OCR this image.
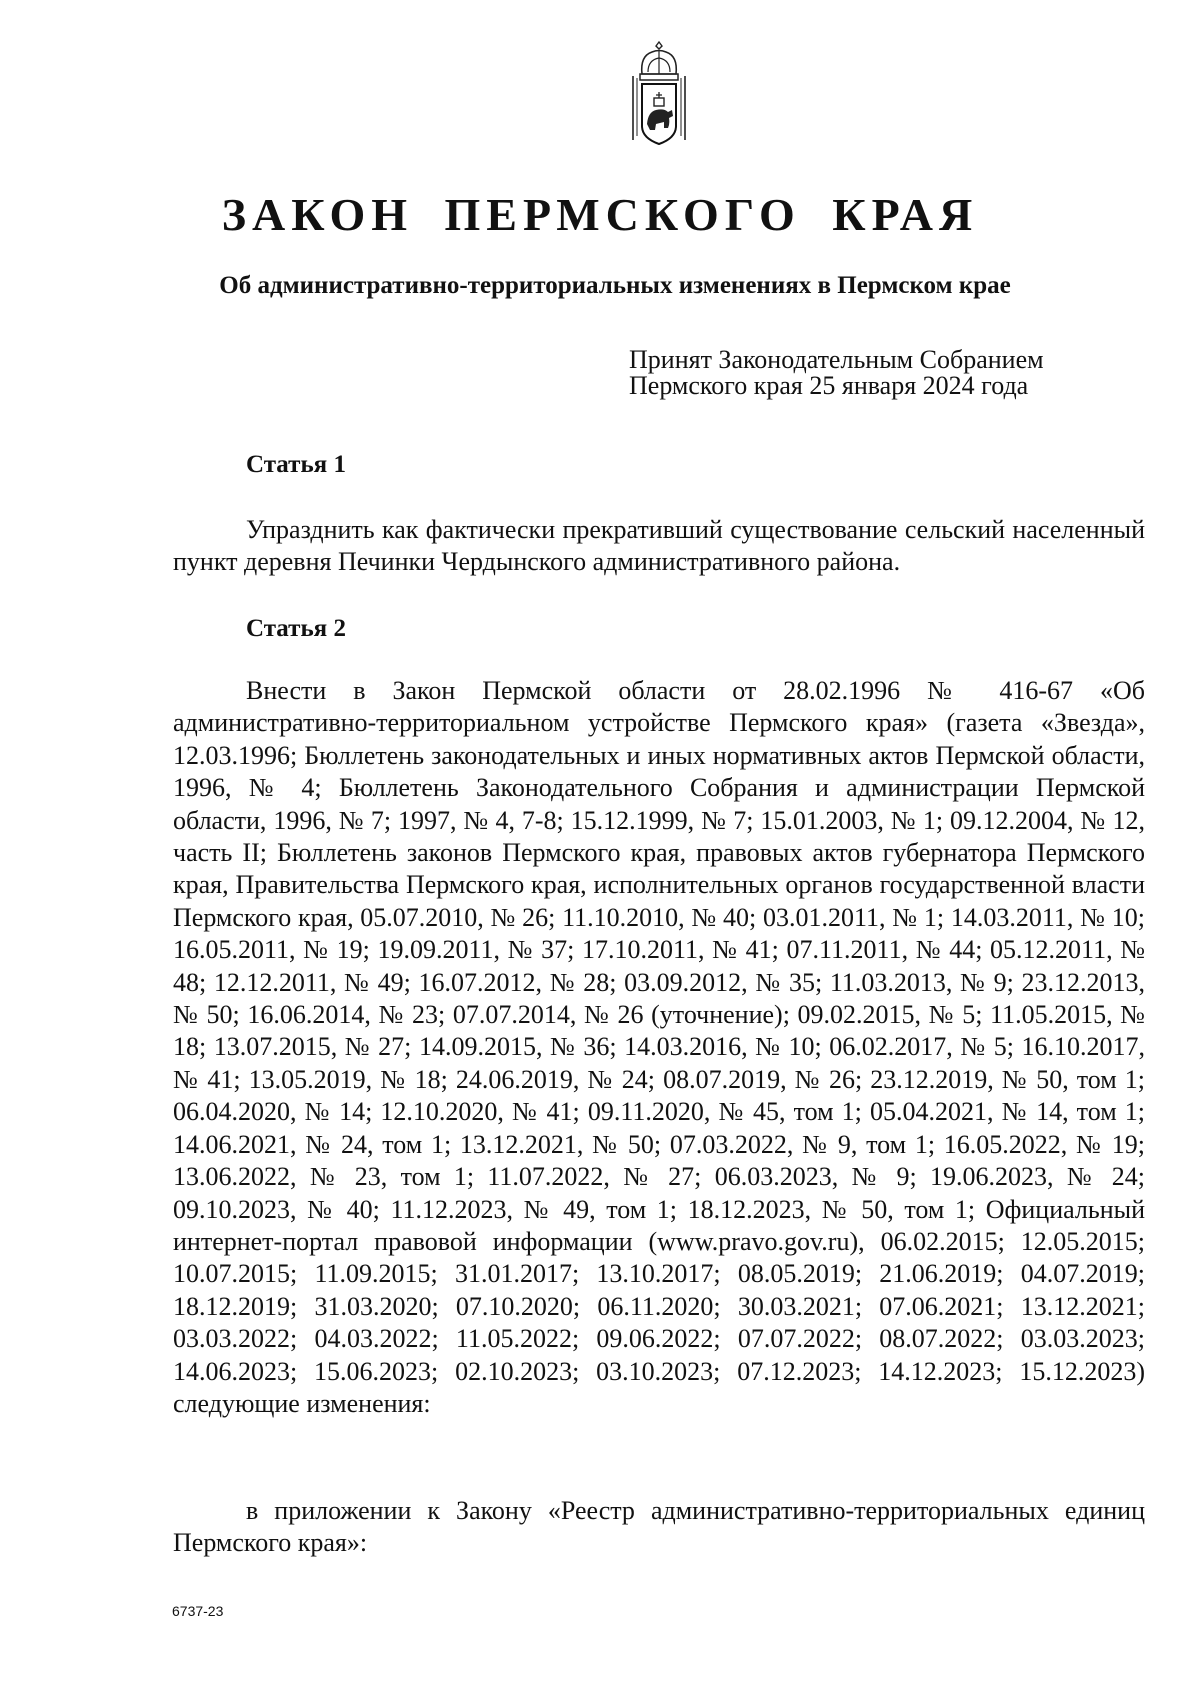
ЗАКОН ПЕРМСКОГО КРАЯ
Об административно-территориальных изменениях в Пермском крае
Принят Законодательным Собранием
Пермского края 25 января 2024 года
Статья 1

Упразднить как фактически прекративший существование сельский населенный пункт деревня Печинки Чердынского административного района.

Статья 2

Внести в Закон Пермской области от 28.02.1996 № 416-67 «Об административно-территориальном устройстве Пермского края» (газета «Звезда», 12.03.1996; Бюллетень законодательных и иных нормативных актов Пермской области, 1996, № 4; Бюллетень Законодательного Собрания и администрации Пермской области, 1996, № 7; 1997, № 4, 7-8; 15.12.1999, № 7; 15.01.2003, № 1; 09.12.2004, № 12, часть II; Бюллетень законов Пермского края, правовых актов губернатора Пермского края, Правительства Пермского края, исполнительных органов государственной власти Пермского края, 05.07.2010, № 26; 11.10.2010, № 40; 03.01.2011, № 1; 14.03.2011, № 10; 16.05.2011, № 19; 19.09.2011, № 37; 17.10.2011, № 41; 07.11.2011, № 44; 05.12.2011, № 48; 12.12.2011, № 49; 16.07.2012, № 28; 03.09.2012, № 35; 11.03.2013, № 9; 23.12.2013, № 50; 16.06.2014, № 23; 07.07.2014, № 26 (уточнение); 09.02.2015, № 5; 11.05.2015, № 18; 13.07.2015, № 27; 14.09.2015, № 36; 14.03.2016, № 10; 06.02.2017, № 5; 16.10.2017, № 41; 13.05.2019, № 18; 24.06.2019, № 24; 08.07.2019, № 26; 23.12.2019, № 50, том 1; 06.04.2020, № 14; 12.10.2020, № 41; 09.11.2020, № 45, том 1; 05.04.2021, № 14, том 1; 14.06.2021, № 24, том 1; 13.12.2021, № 50; 07.03.2022, № 9, том 1; 16.05.2022, № 19; 13.06.2022, № 23, том 1; 11.07.2022, № 27; 06.03.2023, № 9; 19.06.2023, № 24; 09.10.2023, № 40; 11.12.2023, № 49, том 1; 18.12.2023, № 50, том 1; Официальный интернет-портал правовой информации (www.pravo.gov.ru), 06.02.2015; 12.05.2015; 10.07.2015; 11.09.2015; 31.01.2017; 13.10.2017; 08.05.2019; 21.06.2019; 04.07.2019; 18.12.2019; 31.03.2020; 07.10.2020; 06.11.2020; 30.03.2021; 07.06.2021; 13.12.2021; 03.03.2022; 04.03.2022; 11.05.2022; 09.06.2022; 07.07.2022; 08.07.2022; 03.03.2023; 14.06.2023; 15.06.2023; 02.10.2023; 03.10.2023; 07.12.2023; 14.12.2023; 15.12.2023) следующие изменения:

в приложении к Закону «Реестр административно-территориальных единиц Пермского края»:

6737-23
